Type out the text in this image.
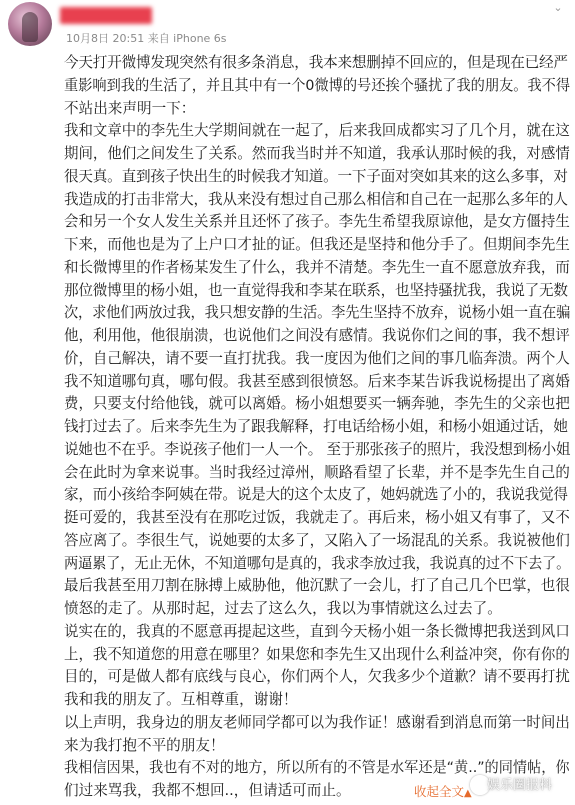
10月8日 20:51 来自 iPhone 6s
⌄
今天打开微博发现突然有很多条消息，我本来想删掉不回应的，但是现在已经严
重影响到我的生活了，并且其中有一个0微博的号还挨个骚扰了我的朋友。我不得
不站出来声明一下：
我和文章中的李先生大学期间就在一起了，后来我回成都实习了几个月，就在这
期间，他们之间发生了关系。然而我当时并不知道，我承认那时候的我，对感情
很天真。直到孩子快出生的时候我才知道。一下子面对突如其来的这么多事，对
我造成的打击非常大，我从来没有想过自己那么相信和自己在一起那么多年的人
会和另一个女人发生关系并且还怀了孩子。李先生希望我原谅他，是女方僵持生
下来，而他也是为了上户口才扯的证。但我还是坚持和他分手了。但期间李先生
和长微博里的作者杨某发生了什么，我并不清楚。李先生一直不愿意放弃我，而
那位微博里的杨小姐，也一直觉得我和李某在联系，也坚持骚扰我，我说了无数
次，求他们两放过我，我只想安静的生活。李先生坚持不放弃，说杨小姐一直在骗
他，利用他，他很崩溃，也说他们之间没有感情。我说你们之间的事，我不想评
价，自己解决，请不要一直打扰我。我一度因为他们之间的事几临奔溃。两个人
我不知道哪句真，哪句假。我甚至感到很愤怒。后来李某告诉我说杨提出了离婚
费，只要支付给他钱，就可以离婚。杨小姐想要买一辆奔驰，李先生的父亲也把
钱打过去了。后来李先生为了跟我解释，打电话给杨小姐，和杨小姐通过话，她
说她也不在乎。李说孩子他们一人一个。 至于那张孩子的照片，我没想到杨小姐
会在此时为拿来说事。当时我经过漳州，顺路看望了长辈，并不是李先生自己的
家，而小孩给李阿姨在带。说是大的这个太皮了，她妈就选了小的，我说我觉得
挺可爱的，我甚至没有在那吃过饭，我就走了。再后来，杨小姐又有事了，又不
答应离了。李很生气，说她要的太多了，又陷入了一场混乱的关系。我说被他们
两逼累了，无止无休，不知道哪句是真的，我求李放过我，我说真的过不下去了。
最后我甚至用刀割在脉搏上威胁他，他沉默了一会儿，打了自己几个巴掌，也很
愤怒的走了。从那时起，过去了这么久，我以为事情就这么过去了。
说实在的，我真的不愿意再提起这些，直到今天杨小姐一条长微博把我送到风口
上，我不知道您的用意在哪里？如果您和李先生又出现什么利益冲突，你有你的
目的，可是做人都有底线与良心，你们两个人，欠我多少个道歉？请不要再打扰
我和我的朋友了。互相尊重，谢谢！
以上声明，我身边的朋友老师同学都可以为我作证！感谢看到消息而第一时间出
来为我打抱不平的朋友！
我相信因果，我也有不对的地方，所以所有的不管是水军还是“黄..”的同情帖，你
们过来骂我，我都不想回..，但请适可而止。	收起全文▲
娱乐圈报料
